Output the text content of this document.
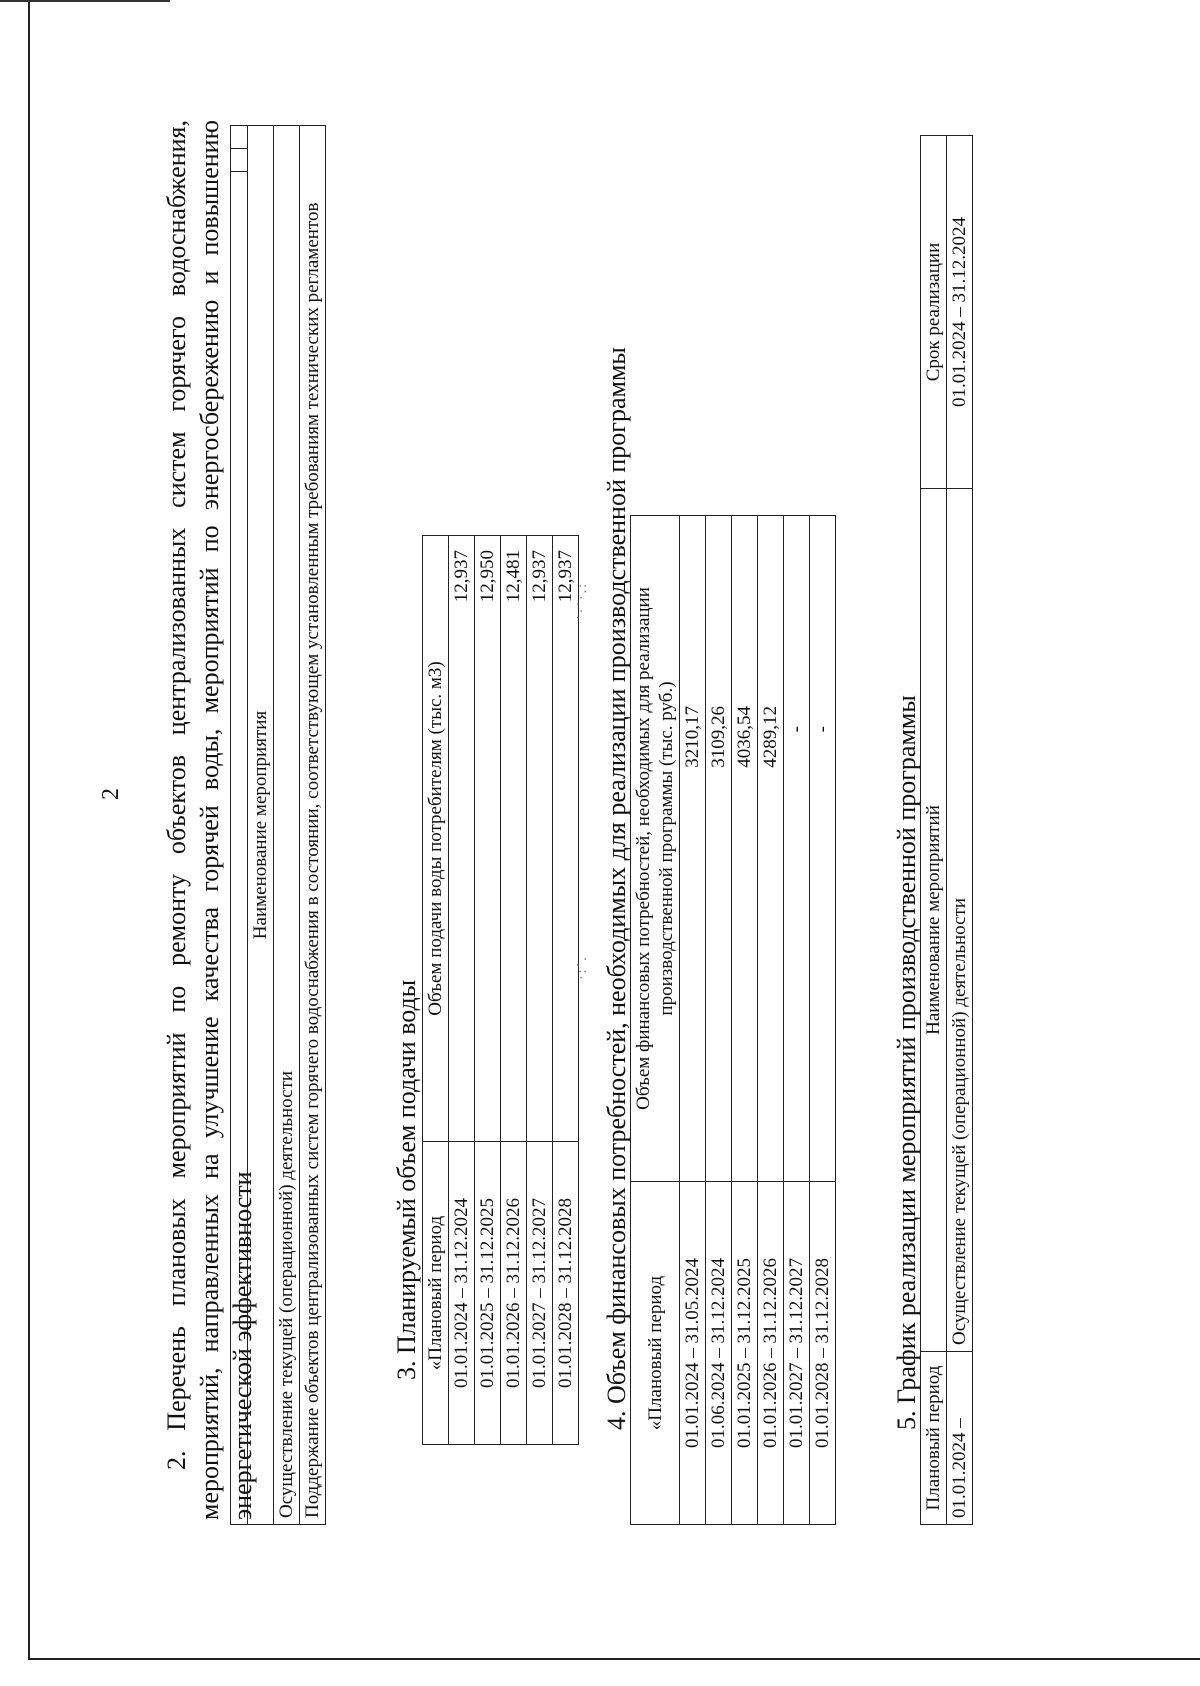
2 2. Перечень плановых мероприятий по ремонту объектов централизованных систем горячего водоснабжения, мероприятий, направленных на улучшение качества горячей воды, мероприятий по энергосбережению и повышению энергетической эффективности

Наименование мероприятия
Осуществление текущей (операционной) деятельности
Поддержание объектов централизованных систем горячего водоснабжения в состоянии, соответствующем установленным требованиям технических регламентов	3. Планируемый объем подачи воды «Плановый период	Объем подачи воды потребителям (тыс. м3)
01.01.2024 – 31.12.2024	12,937
01.01.2025 – 31.12.2025	12,950
01.01.2026 – 31.12.2026	12,481
01.01.2027 – 31.12.2027	12,937
01.01.2028 – 31.12.2028	12,937 4. Объем финансовых потребностей, необходимых для реализации производственной программы «Плановый период	Объем финансовых потребностей, необходимых для реализации производственной программы (тыс. руб.)
01.01.2024 – 31.05.2024	3210,17
01.06.2024 – 31.12.2024	3109,26
01.01.2025 – 31.12.2025	4036,54
01.01.2026 – 31.12.2026	4289,12
01.01.2027 – 31.12.2027	-
01.01.2028 – 31.12.2028	- 5. График реализации мероприятий производственной программы
Плановый период	Наименование мероприятий	Срок реализации
01.01.2024 –	Осуществление текущей (операционной) деятельности	01.01.2024 – 31.12.2024
˙·˙·.:
·:˙.
